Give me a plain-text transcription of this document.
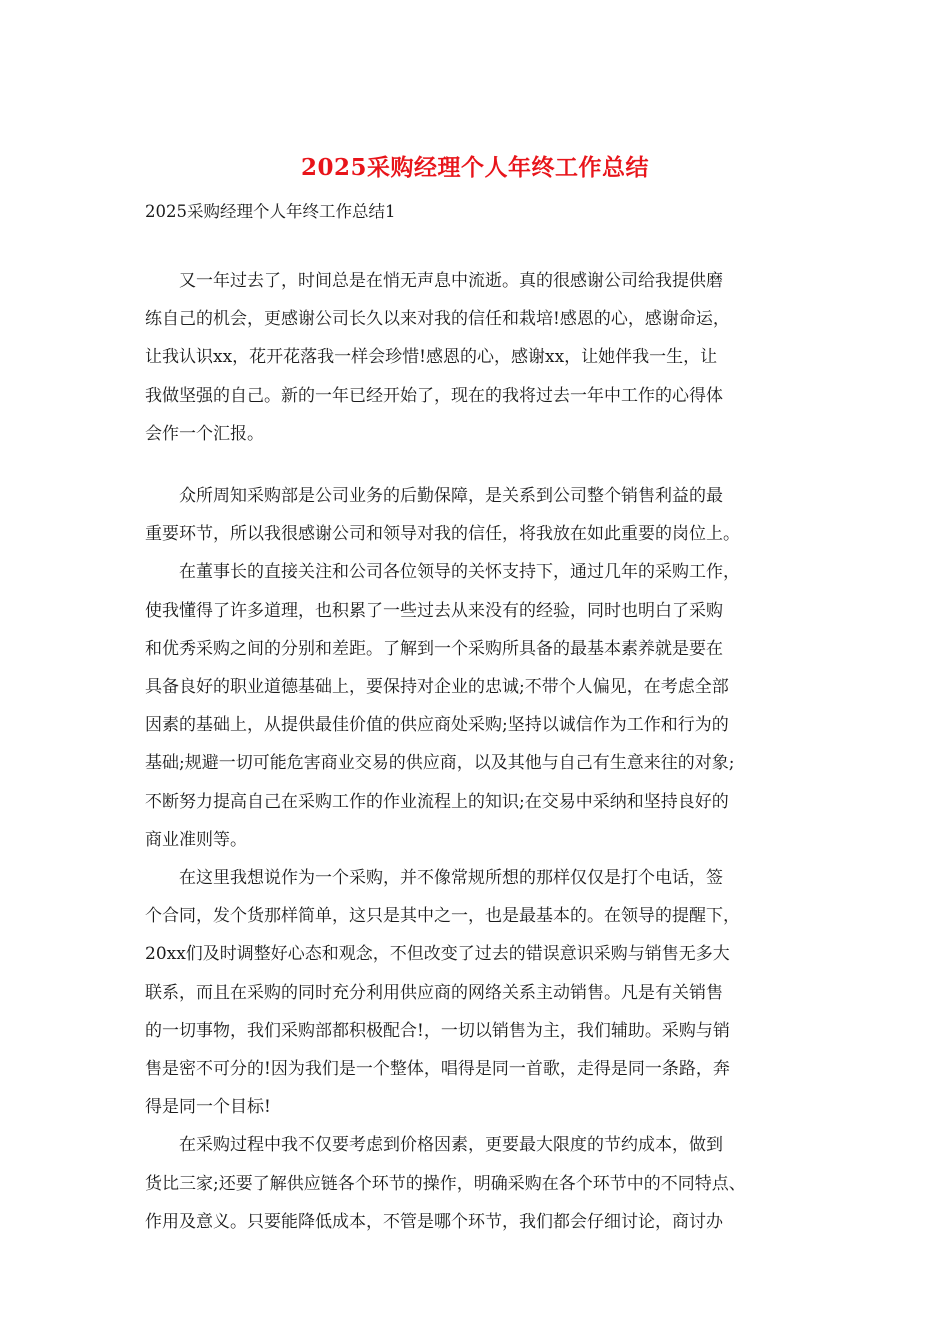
2025采购经理个人年终工作总结
2025采购经理个人年终工作总结1

又一年过去了，时间总是在悄无声息中流逝。真的很感谢公司给我提供磨
练自己的机会，更感谢公司长久以来对我的信任和栽培!感恩的心，感谢命运，
让我认识xx，花开花落我一样会珍惜!感恩的心，感谢xx，让她伴我一生，让
我做坚强的自己。新的一年已经开始了，现在的我将过去一年中工作的心得体
会作一个汇报。

众所周知采购部是公司业务的后勤保障，是关系到公司整个销售利益的最
重要环节，所以我很感谢公司和领导对我的信任，将我放在如此重要的岗位上。

在董事长的直接关注和公司各位领导的关怀支持下，通过几年的采购工作，
使我懂得了许多道理，也积累了一些过去从来没有的经验，同时也明白了采购
和优秀采购之间的分别和差距。了解到一个采购所具备的最基本素养就是要在
具备良好的职业道德基础上，要保持对企业的忠诚;不带个人偏见，在考虑全部
因素的基础上，从提供最佳价值的供应商处采购;坚持以诚信作为工作和行为的
基础;规避一切可能危害商业交易的供应商，以及其他与自己有生意来往的对象;
不断努力提高自己在采购工作的作业流程上的知识;在交易中采纳和坚持良好的
商业准则等。

在这里我想说作为一个采购，并不像常规所想的那样仅仅是打个电话，签
个合同，发个货那样简单，这只是其中之一，也是最基本的。在领导的提醒下，
20xx们及时调整好心态和观念，不但改变了过去的错误意识采购与销售无多大
联系，而且在采购的同时充分利用供应商的网络关系主动销售。凡是有关销售
的一切事物，我们采购部都积极配合!，一切以销售为主，我们辅助。采购与销
售是密不可分的!因为我们是一个整体，唱得是同一首歌，走得是同一条路，奔
得是同一个目标!

在采购过程中我不仅要考虑到价格因素，更要最大限度的节约成本，做到
货比三家;还要了解供应链各个环节的操作，明确采购在各个环节中的不同特点、
作用及意义。只要能降低成本，不管是哪个环节，我们都会仔细讨论，商讨办
